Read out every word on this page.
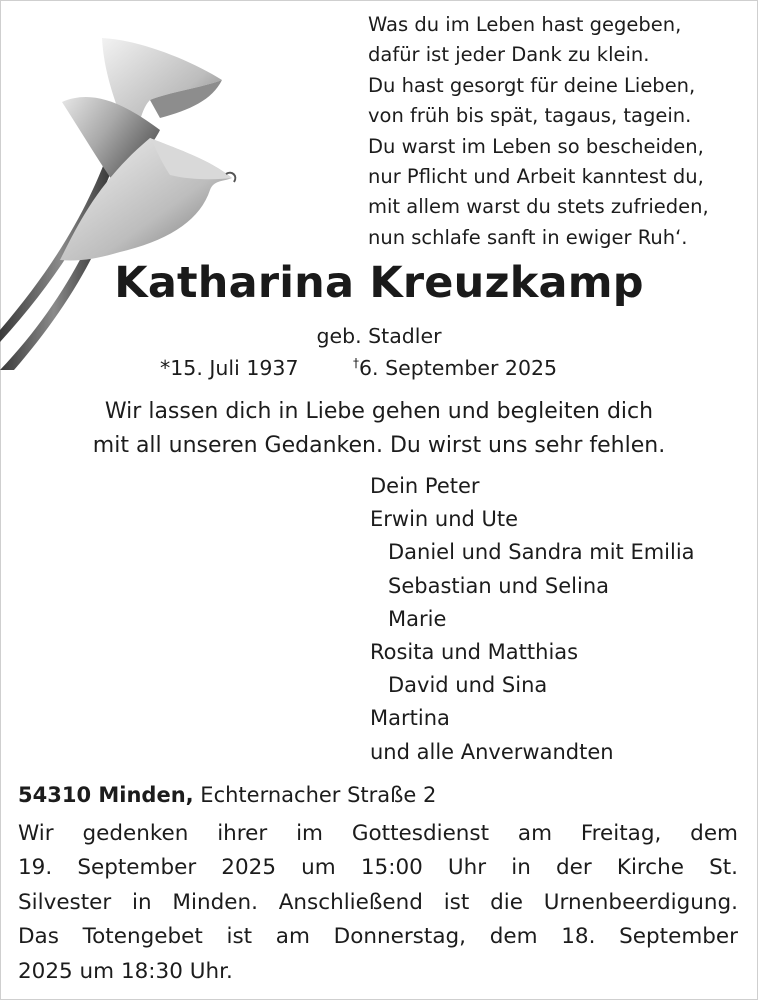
Was du im Leben hast gegeben,
dafür ist jeder Dank zu klein.
Du hast gesorgt für deine Lieben,
von früh bis spät, tagaus, tagein.
Du warst im Leben so bescheiden,
nur Pflicht und Arbeit kanntest du,
mit allem warst du stets zufrieden,
nun schlafe sanft in ewiger Ruh‘.
Katharina Kreuzkamp
geb. Stadler
*15. Juli 1937	†6. September 2025
Wir lassen dich in Liebe gehen und begleiten dich
mit all unseren Gedanken. Du wirst uns sehr fehlen.
Dein Peter
Erwin und Ute
Daniel und Sandra mit Emilia
Sebastian und Selina
Marie
Rosita und Matthias
David und Sina
Martina
und alle Anverwandten
54310 Minden, Echternacher Straße 2
Wir gedenken ihrer im Gottesdienst am Freitag, dem
19. September 2025 um 15:00 Uhr in der Kirche St.
Silvester in Minden. Anschließend ist die Urnenbeerdigung.
Das Totengebet ist am Donnerstag, dem 18. September
2025 um 18:30 Uhr.
